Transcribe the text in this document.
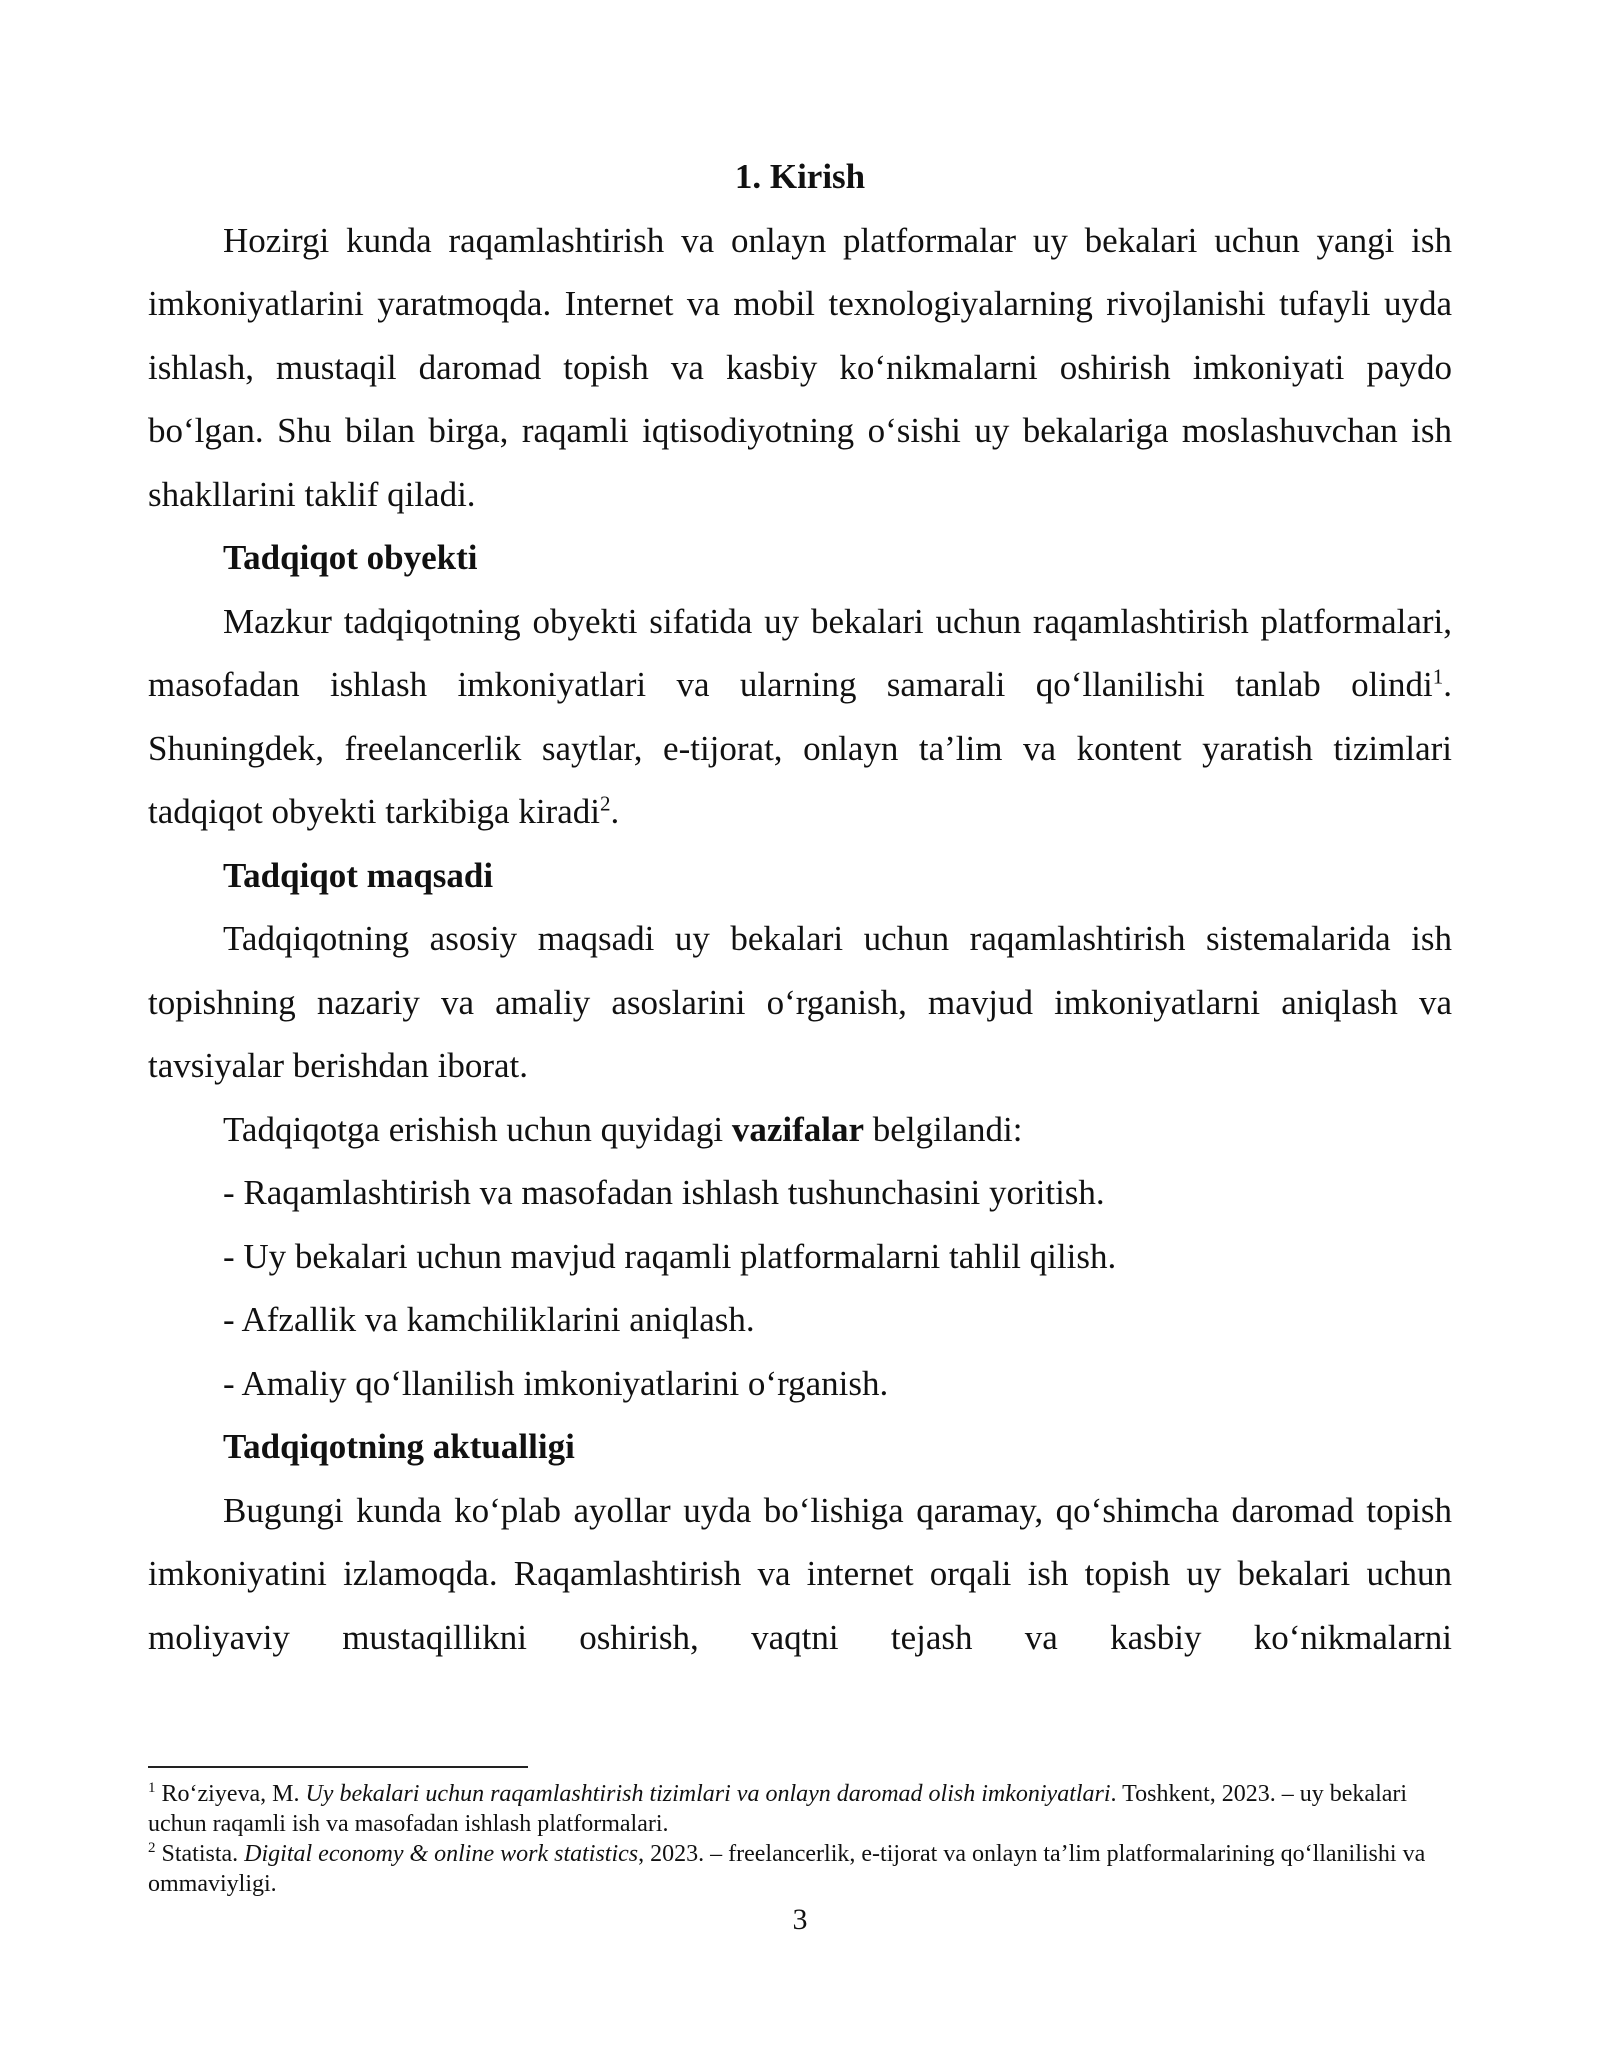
1. Kirish

Hozirgi kunda raqamlashtirish va onlayn platformalar uy bekalari uchun yangi ish imkoniyatlarini yaratmoqda. Internet va mobil texnologiyalarning rivojlanishi tufayli uyda ishlash, mustaqil daromad topish va kasbiy ko‘nikmalarni oshirish imkoniyati paydo bo‘lgan. Shu bilan birga, raqamli iqtisodiyotning o‘sishi uy bekalariga moslashuvchan ish shakllarini taklif qiladi.

Tadqiqot obyekti

Mazkur tadqiqotning obyekti sifatida uy bekalari uchun raqamlashtirish platformalari, masofadan ishlash imkoniyatlari va ularning samarali qo‘llanilishi tanlab olindi$^1$. Shuningdek, freelancerlik saytlar, e-tijorat, onlayn ta’lim va kontent yaratish tizimlari tadqiqot obyekti tarkibiga kiradi$^2$.

Tadqiqot maqsadi

Tadqiqotning asosiy maqsadi uy bekalari uchun raqamlashtirish sistemalarida ish topishning nazariy va amaliy asoslarini o‘rganish, mavjud imkoniyatlarni aniqlash va tavsiyalar berishdan iborat.

Tadqiqotga erishish uchun quyidagi vazifalar belgilandi:

- Raqamlashtirish va masofadan ishlash tushunchasini yoritish.

- Uy bekalari uchun mavjud raqamli platformalarni tahlil qilish.

- Afzallik va kamchiliklarini aniqlash.

- Amaliy qo‘llanilish imkoniyatlarini o‘rganish.

Tadqiqotning aktualligi

Bugungi kunda ko‘plab ayollar uyda bo‘lishiga qaramay, qo‘shimcha daromad topish imkoniyatini izlamoqda. Raqamlashtirish va internet orqali ish topish uy bekalari uchun moliyaviy mustaqillikni oshirish, vaqtni tejash va kasbiy ko‘nikmalarni

$^1$ Ro‘ziyeva, M. Uy bekalari uchun raqamlashtirish tizimlari va onlayn daromad olish imkoniyatlari. Toshkent, 2023. – uy bekalari uchun raqamli ish va masofadan ishlash platformalari.

$^2$ Statista. Digital economy & online work statistics, 2023. – freelancerlik, e-tijorat va onlayn ta’lim platformalarining qo‘llanilishi va ommaviyligi.

3
